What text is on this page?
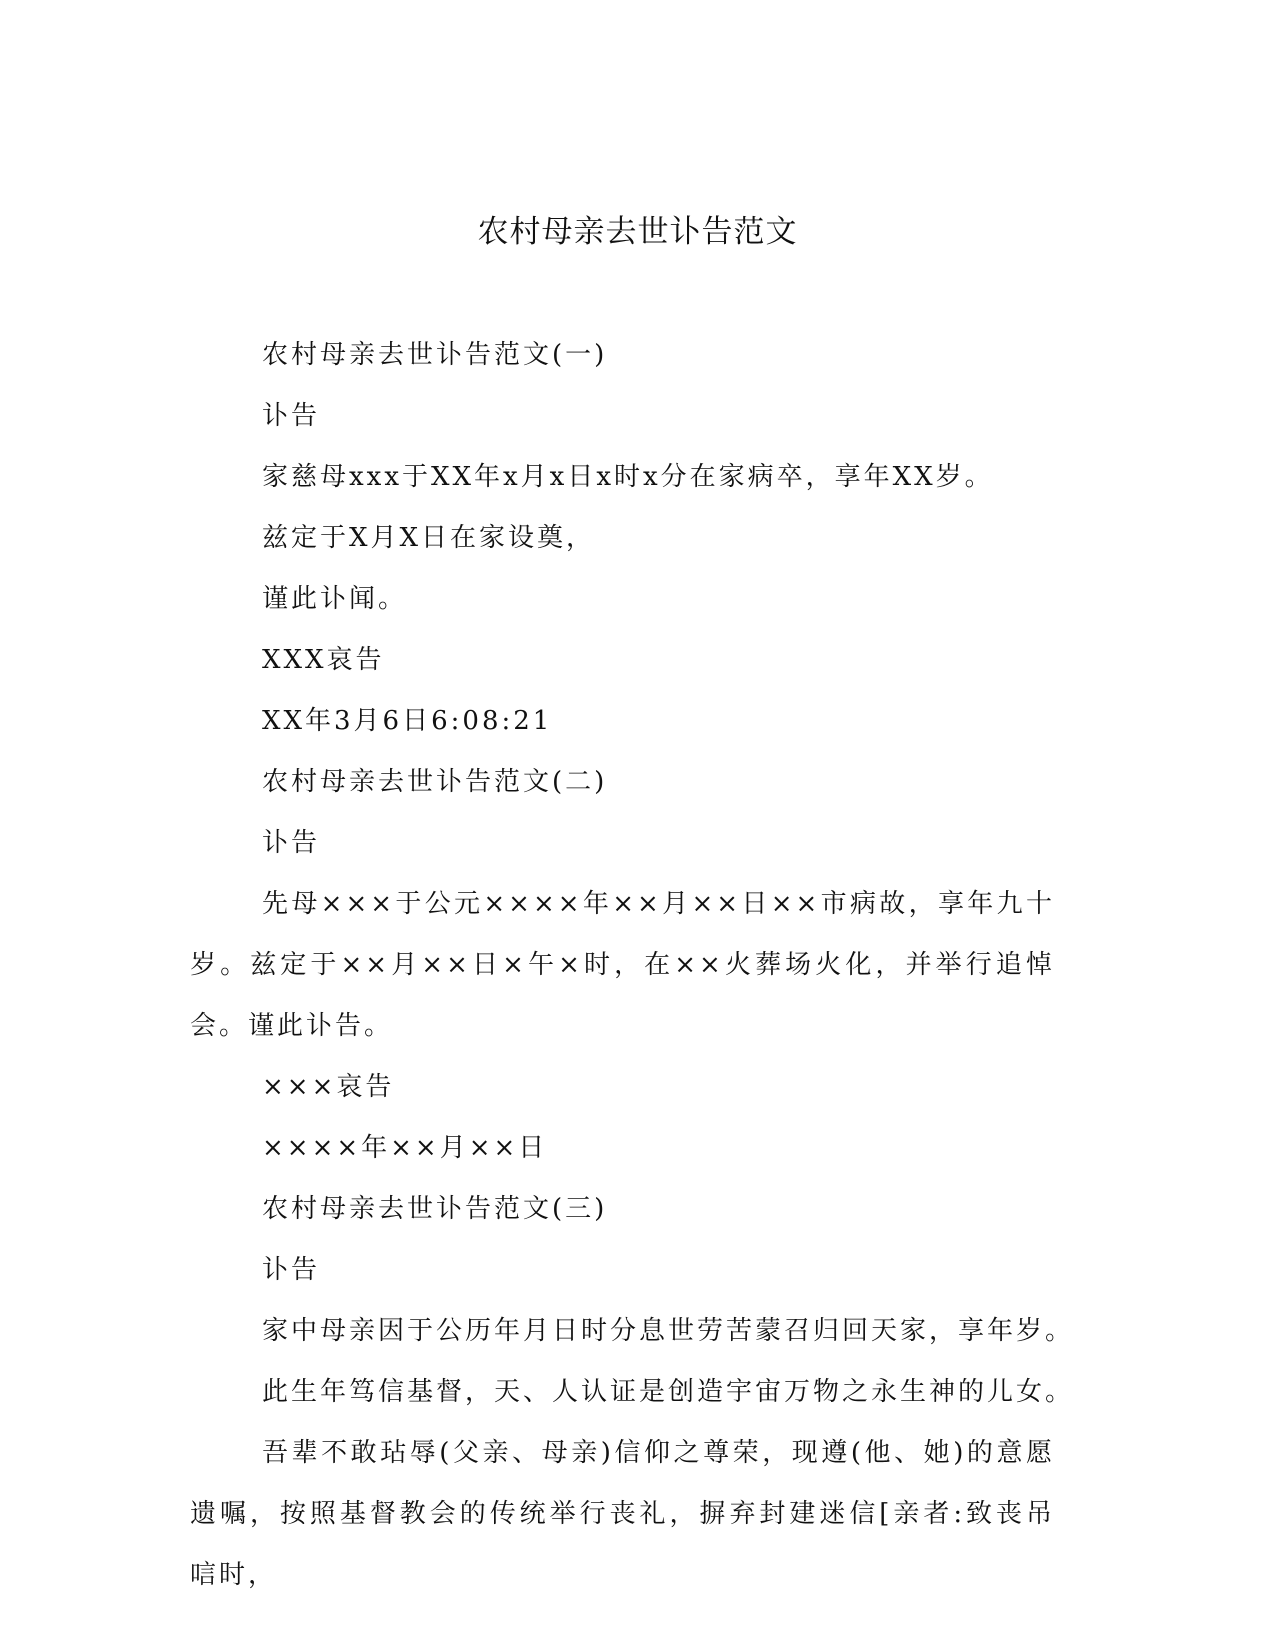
农村母亲去世讣告范文

农村母亲去世讣告范文(一)

讣告

家慈母xxx于XX年x月x日x时x分在家病卒，享年XX岁。

兹定于X月X日在家设奠，

谨此讣闻。

XXX哀告

XX年3月6日6:08:21

农村母亲去世讣告范文(二)

讣告

先母×××于公元××××年××月××日××市病故，享年九十岁。兹定于××月××日×午×时，在××火葬场火化，并举行追悼会。谨此讣告。

×××哀告

××××年××月××日

农村母亲去世讣告范文(三)

讣告

家中母亲因于公历年月日时分息世劳苦蒙召归回天家，享年岁。

此生年笃信基督，天、人认证是创造宇宙万物之永生神的儿女。

吾辈不敢玷辱(父亲、母亲)信仰之尊荣，现遵(他、她)的意愿遗嘱，按照基督教会的传统举行丧礼，摒弃封建迷信[亲者:致丧吊唁时，
